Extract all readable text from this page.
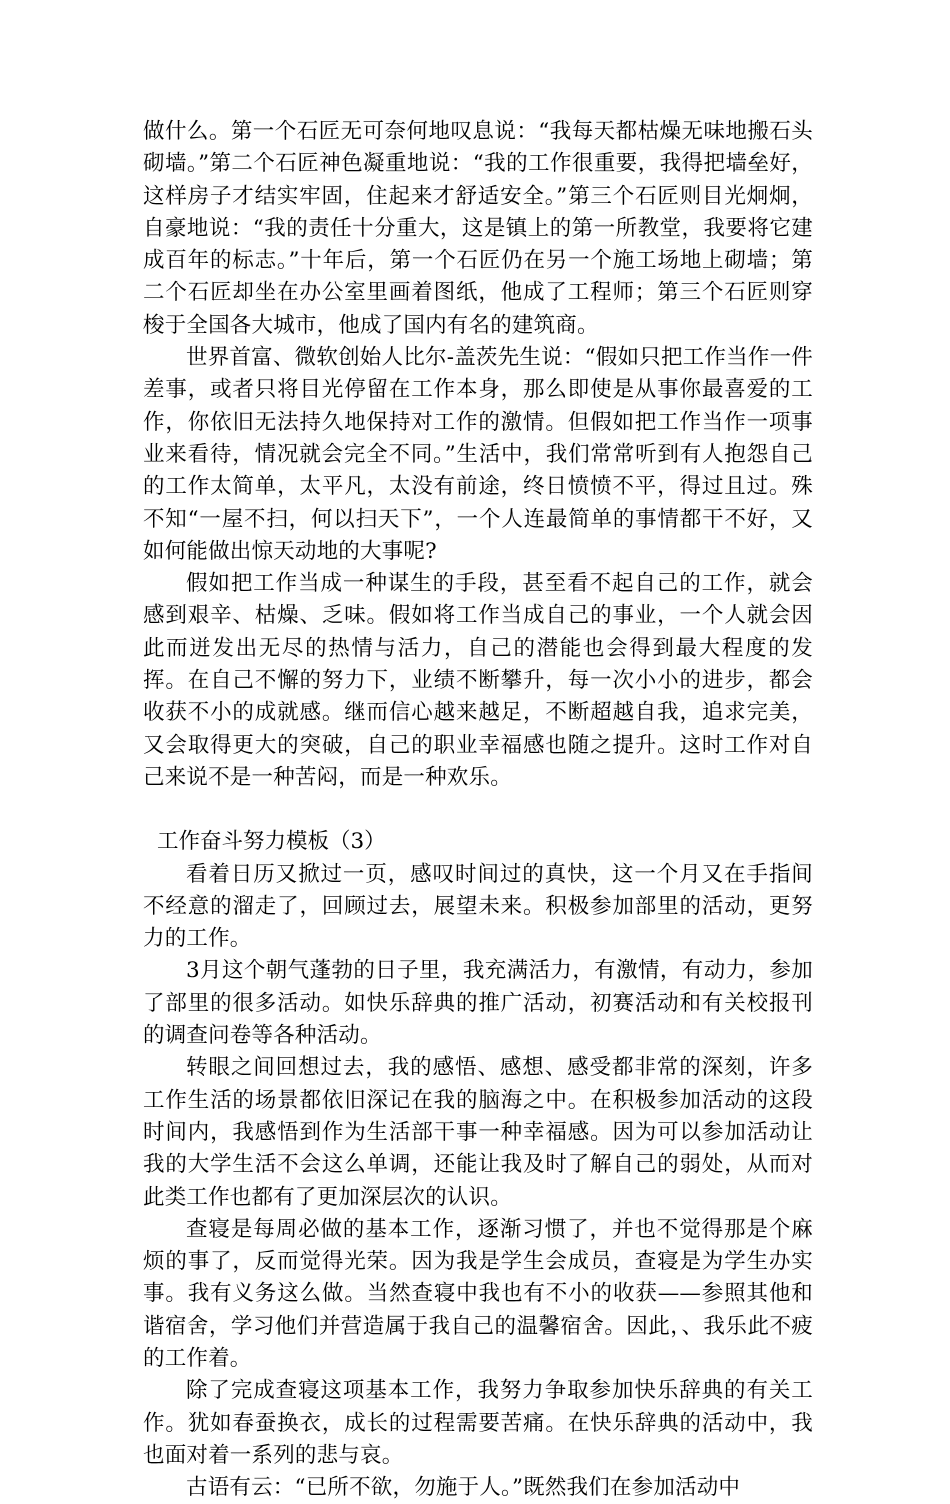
做什么。第一个石匠无可奈何地叹息说：“我每天都枯燥无味地搬石头砌墙。”第二个石匠神色凝重地说：“我的工作很重要，我得把墙垒好，这样房子才结实牢固，住起来才舒适安全。”第三个石匠则目光炯炯，自豪地说：“我的责任十分重大，这是镇上的第一所教堂，我要将它建成百年的标志。”十年后，第一个石匠仍在另一个施工场地上砌墙；第二个石匠却坐在办公室里画着图纸，他成了工程师；第三个石匠则穿梭于全国各大城市，他成了国内有名的建筑商。

世界首富、微软创始人比尔-盖茨先生说：“假如只把工作当作一件差事，或者只将目光停留在工作本身，那么即使是从事你最喜爱的工作，你依旧无法持久地保持对工作的激情。但假如把工作当作一项事业来看待，情况就会完全不同。”生活中，我们常常听到有人抱怨自己的工作太简单，太平凡，太没有前途，终日愤愤不平，得过且过。殊不知“一屋不扫，何以扫天下”，一个人连最简单的事情都干不好，又如何能做出惊天动地的大事呢?

假如把工作当成一种谋生的手段，甚至看不起自己的工作，就会感到艰辛、枯燥、乏味。假如将工作当成自己的事业，一个人就会因此而迸发出无尽的热情与活力，自己的潜能也会得到最大程度的发挥。在自己不懈的努力下，业绩不断攀升，每一次小小的进步，都会收获不小的成就感。继而信心越来越足，不断超越自我，追求完美，又会取得更大的突破，自己的职业幸福感也随之提升。这时工作对自己来说不是一种苦闷，而是一种欢乐。

工作奋斗努力模板（3）

看着日历又掀过一页，感叹时间过的真快，这一个月又在手指间不经意的溜走了，回顾过去，展望未来。积极参加部里的活动，更努力的工作。

3月这个朝气蓬勃的日子里，我充满活力，有激情，有动力，参加了部里的很多活动。如快乐辞典的推广活动，初赛活动和有关校报刊的调查问卷等各种活动。

转眼之间回想过去，我的感悟、感想、感受都非常的深刻，许多工作生活的场景都依旧深记在我的脑海之中。在积极参加活动的这段时间内，我感悟到作为生活部干事一种幸福感。因为可以参加活动让我的大学生活不会这么单调，还能让我及时了解自己的弱处，从而对此类工作也都有了更加深层次的认识。

查寝是每周必做的基本工作，逐渐习惯了，并也不觉得那是个麻烦的事了，反而觉得光荣。因为我是学生会成员，查寝是为学生办实事。我有义务这么做。当然查寝中我也有不小的收获——参照其他和谐宿舍，学习他们并营造属于我自己的温馨宿舍。因此，、我乐此不疲的工作着。

除了完成查寝这项基本工作，我努力争取参加快乐辞典的有关工作。犹如春蚕换衣，成长的过程需要苦痛。在快乐辞典的活动中，我也面对着一系列的悲与哀。

古语有云：“已所不欲，勿施于人。”既然我们在参加活动中
